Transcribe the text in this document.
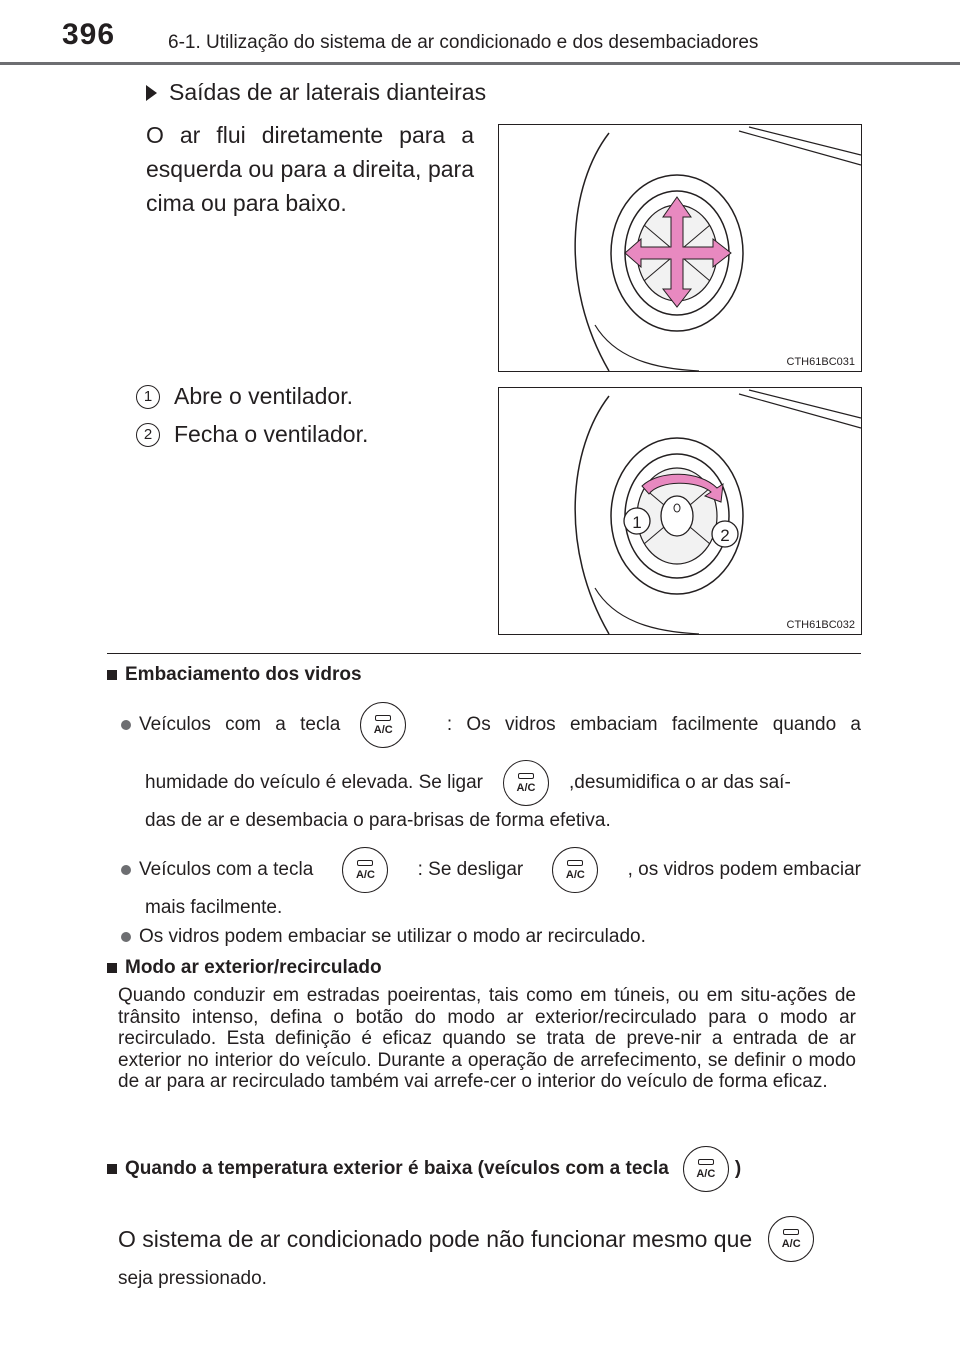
396	6-1. Utilização do sistema de ar condicionado e dos desembaciadores
Saídas de ar laterais dianteiras
O ar flui diretamente para a esquerda ou para a direita, para cima ou para baixo.
CTH61BC031
1 Abre o ventilador.
2 Fecha o ventilador.
1
2
CTH61BC032
Embaciamento dos vidros
Veículos com a tecla	A/C	: Os vidros embaciam facilmente quando a
humidade do veículo é elevada. Se ligar	A/C ,desumidifica o ar das saí-
das de ar e desembacia o para-brisas de forma efetiva.
Veículos com a tecla	A/C : Se desligar	A/C , os vidros podem embaciar
mais facilmente.
Os vidros podem embaciar se utilizar o modo ar recirculado.
Modo ar exterior/recirculado
Quando conduzir em estradas poeirentas, tais como em túneis, ou em situ-ações de trânsito intenso, defina o botão do modo ar exterior/recirculado para o modo ar recirculado. Esta definição é eficaz quando se trata de preve-nir a entrada de ar exterior no interior do veículo. Durante a operação de arrefecimento, se definir o modo de ar para ar recirculado também vai arrefe-cer o interior do veículo de forma eficaz.
Quando a temperatura exterior é baixa (veículos com a tecla	A/C )
O sistema de ar condicionado pode não funcionar mesmo que	A/C
seja pressionado.
